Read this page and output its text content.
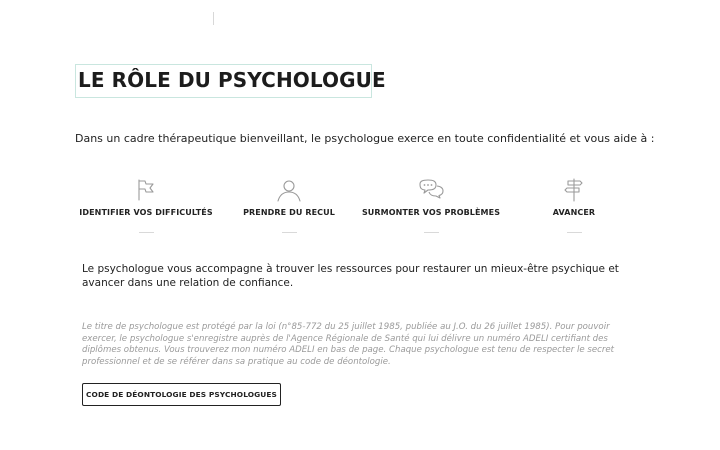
LE RÔLE DU PSYCHOLOGUE
Dans un cadre thérapeutique bienveillant, le psychologue exerce en toute confidentialité et vous aide à :
IDENTIFIER VOS DIFFICULTÉS	PRENDRE DU RECUL	SURMONTER VOS PROBLÈMES	AVANCER

Le psychologue vous accompagne à trouver les ressources pour restaurer un mieux-être psychique et avancer dans une relation de confiance.

Le titre de psychologue est protégé par la loi (n°85-772 du 25 juillet 1985, publiée au J.O. du 26 juillet 1985). Pour pouvoir exercer, le psychologue s'enregistre auprès de l'Agence Régionale de Santé qui lui délivre un numéro ADELI certifiant des diplômes obtenus. Vous trouverez mon numéro ADELI en bas de page. Chaque psychologue est tenu de respecter le secret professionnel et de se référer dans sa pratique au code de déontologie.

CODE DE DÉONTOLOGIE DES PSYCHOLOGUES
